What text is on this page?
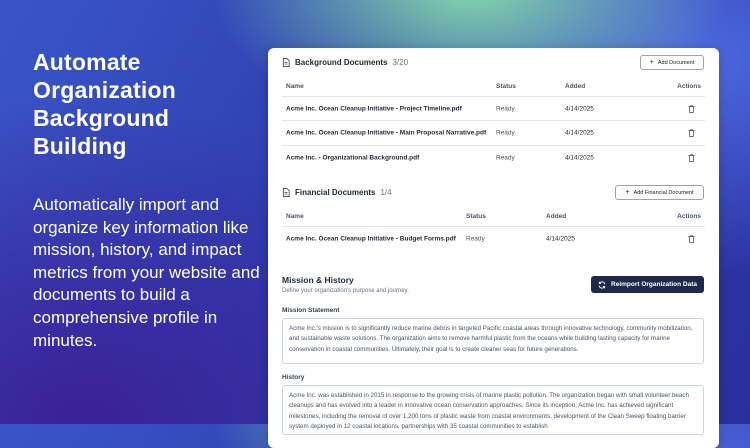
Automate Organization Background Building

Automatically import and organize key information like mission, history, and impact metrics from your website and documents to build a comprehensive profile in minutes.

Background Documents 3/20	+ Add Document
Name	Status	Added	Actions
Acme Inc. Ocean Cleanup Initiative - Project Timeline.pdf	Ready	4/14/2025
Acme Inc. Ocean Cleanup Initiative - Main Proposal Narrative.pdf Ready	4/14/2025
Acme Inc. - Organizational Background.pdf	Ready	4/14/2025
Financial Documents 1/4	+ Add Financial Document
Name	Status	Added	Actions
Acme Inc. Ocean Cleanup Initiative - Budget Forms.pdf Ready	4/14/2025
Mission & History
Define your organization's purpose and journey.
Reimport Organization Data
Mission Statement
Acme Inc.'s mission is to significantly reduce marine debris in targeted Pacific coastal areas through innovative technology, community mobilization, and sustainable waste solutions. The organization aims to remove harmful plastic from the oceans while building lasting capacity for marine conservation in coastal communities. Ultimately, their goal is to create cleaner seas for future generations.
History
Acme Inc. was established in 2015 in response to the growing crisis of marine plastic pollution. The organization began with small volunteer beach cleanups and has evolved into a leader in innovative ocean conservation approaches. Since its inception, Acme Inc. has achieved significant milestones, including the removal of over 1,200 tons of plastic waste from coastal environments, development of the Clean Sweep floating barrier system deployed in 12 coastal locations, partnerships with 35 coastal communities to establish
